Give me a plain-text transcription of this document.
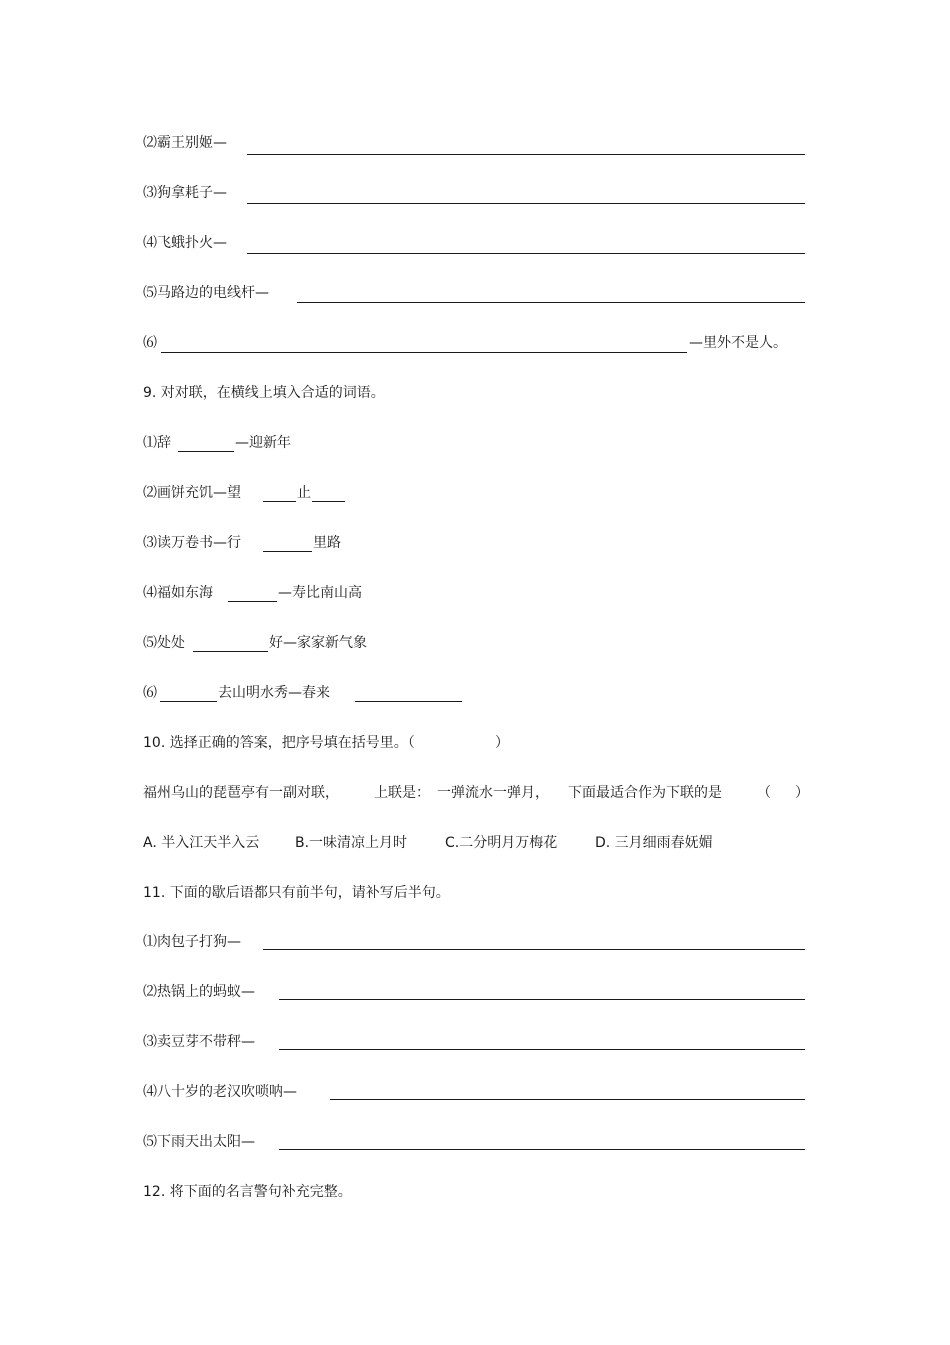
⑵霸王别姬—
⑶狗拿耗子—
⑷飞蛾扑火—
⑸马路边的电线杆—
⑹	—里外不是人。
9. 对对联，在横线上填入合适的词语。
⑴辞	—迎新年
⑵画饼充饥—望	止
⑶读万卷书—行	里路
⑷福如东海	—寿比南山高
⑸处处	好—家家新气象
⑹	去山明水秀—春来
10. 选择正确的答案，把序号填在括号里。（	）
福州乌山的琵琶亭有一副对联，	上联是： 一弹流水一弹月， 下面最适合作为下联的是	（ ）
A. 半入江天半入云	B.一味清凉上月时	C.二分明月万梅花	D. 三月细雨春妩媚
11. 下面的歇后语都只有前半句，请补写后半句。
⑴肉包子打狗—
⑵热锅上的蚂蚁—
⑶卖豆芽不带秤—
⑷八十岁的老汉吹唢呐—
⑸下雨天出太阳—
12. 将下面的名言警句补充完整。
